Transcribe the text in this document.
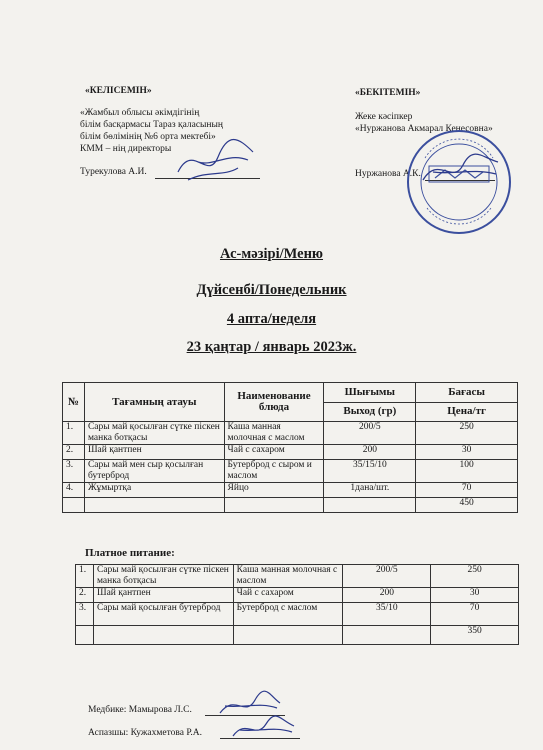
«КЕЛІСЕМІН»
«Жамбыл облысы әкімдігінің
білім басқармасы Тараз қаласының
білім бөлімінің №6 орта мектебі»
КММ – нің директоры
Турекулова А.И.
«БЕКІТЕМІН»
Жеке кәсіпкер
«Нуржанова Акмарал Кенесовна»
Нуржанова А.К.
Ас-мәзірі/Меню
Дүйсенбі/Понедельник
4 апта/неделя
23 қаңтар / январь 2023ж.
№	Тағамның атауы	Наименование блюда	Шығымы	Бағасы
			Выход (гр)	Цена/тг
1.	Сары май қосылған сүтке піскен манка ботқасы	Каша манная молочная с маслом	200/5	250
2.	Шай қантпен	Чай с сахаром	200	30
3.	Сары май мен сыр қосылған бутерброд	Бутерброд с сыром и маслом	35/15/10	100
4.	Жұмыртқа	Яйцо	1дана/шт.	70
				450
Платное питание:
1.	Сары май қосылған сүтке піскен манка ботқасы	Каша манная молочная с маслом	200/5	250
2.	Шай қантпен	Чай с сахаром	200	30
3.	Сары май қосылған бутерброд	Бутерброд с маслом	35/10	70
				350
Медбике: Мамырова Л.С.
Аспазшы: Кужахметова Р.А.
